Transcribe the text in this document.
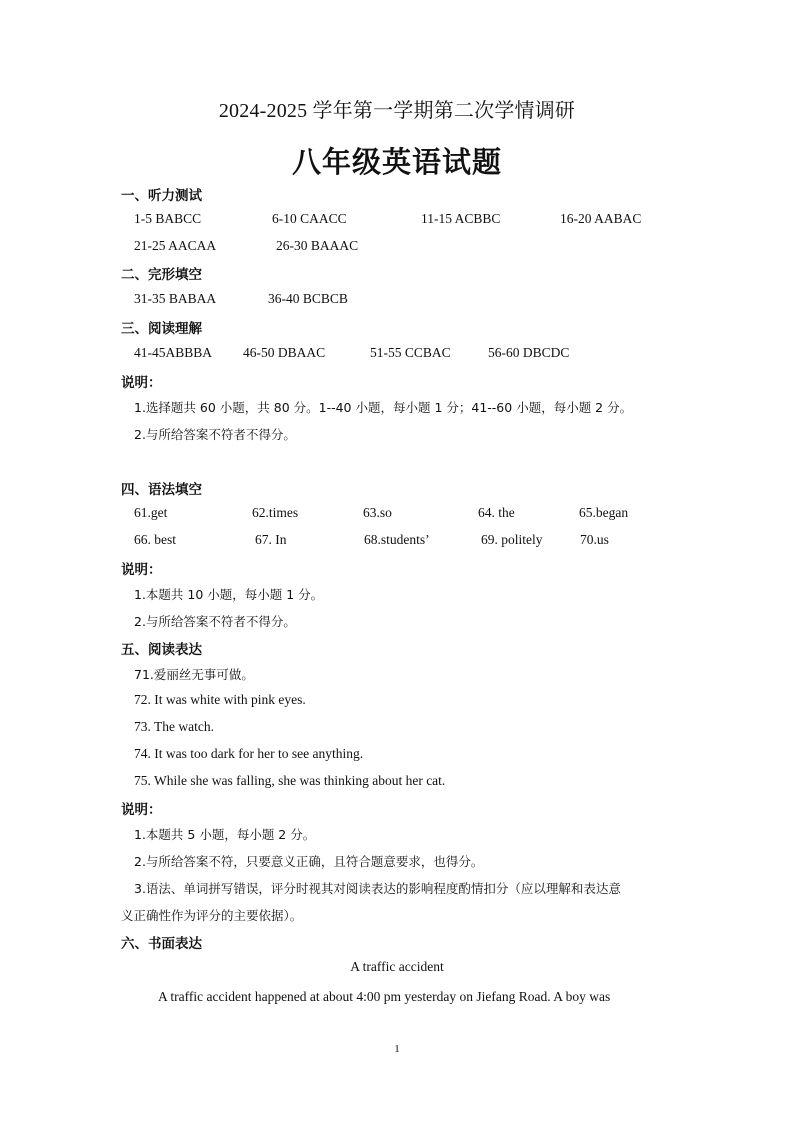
2024-2025 学年第一学期第二次学情调研
八年级英语试题
一、听力测试
1-5 BABCC	6-10 CAACC	11-15 ACBBC	16-20 AABAC
21-25 AACAA	26-30 BAAAC
二、完形填空
31-35 BABAA	36-40 BCBCB
三、阅读理解
41-45ABBBA 46-50 DBAAC	51-55 CCBAC	56-60 DBCDC
说明：
1.选择题共 60 小题，共 80 分。1--40 小题，每小题 1 分；41--60 小题，每小题 2 分。
2.与所给答案不符者不得分。
四、语法填空
61.get	62.times	63.so	64. the	65.began
66. best	67. In	68.students’	69. politely	70.us
说明：
1.本题共 10 小题，每小题 1 分。
2.与所给答案不符者不得分。
五、阅读表达
71.爱丽丝无事可做。
72. It was white with pink eyes.
73. The watch.
74. It was too dark for her to see anything.
75. While she was falling, she was thinking about her cat.
说明：
1.本题共 5 小题，每小题 2 分。
2.与所给答案不符，只要意义正确，且符合题意要求，也得分。
3.语法、单词拼写错误，评分时视其对阅读表达的影响程度酌情扣分（应以理解和表达意
义正确性作为评分的主要依据）。
六、书面表达
A traffic accident
A traffic accident happened at about 4:00 pm yesterday on Jiefang Road. A boy was
1
